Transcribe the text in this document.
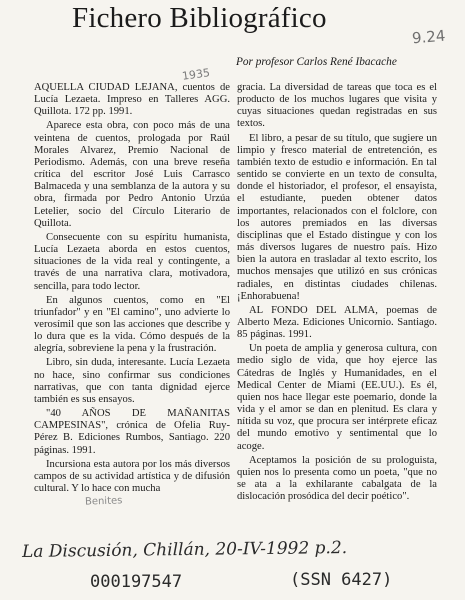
Fichero Bibliográfico
Por profesor Carlos René Ibacache
9.24
1935

AQUELLA CIUDAD LEJANA, cuentos de Lucía Lezaeta. Impreso en Talleres AGG. Quillota. 172 pp. 1991.

Aparece esta obra, con poco más de una veintena de cuentos, prologada por Raúl Morales Alvarez, Premio Nacional de Periodismo. Además, con una breve reseña crítica del escritor José Luis Carrasco Balmaceda y una semblanza de la autora y su obra, firmada por Pedro Antonio Urzúa Letelier, socio del Círculo Literario de Quillota.

Consecuente con su espíritu humanista, Lucía Lezaeta aborda en estos cuentos, situaciones de la vida real y contingente, a través de una narrativa clara, motivadora, sencilla, para todo lector.

En algunos cuentos, como en "El triunfador" y en "El camino", uno advierte lo verosímil que son las acciones que describe y lo dura que es la vida. Cómo después de la alegría, sobreviene la pena y la frustración.

Libro, sin duda, interesante. Lucía Lezaeta no hace, sino confirmar sus condiciones narrativas, que con tanta dignidad ejerce también es sus ensayos.

"40 AÑOS DE MAÑANITAS CAMPESINAS", crónica de Ofelia Ruy-Pérez B. Ediciones Rumbos, Santiago. 220 páginas. 1991.

Incursiona esta autora por los más diversos campos de su actividad artística y de difusión cultural. Y lo hace con mucha

gracia. La diversidad de tareas que toca es el producto de los muchos lugares que visita y cuyas situaciones quedan registradas en sus textos.

El libro, a pesar de su título, que sugiere un limpio y fresco material de entretención, es también texto de estudio e información. En tal sentido se convierte en un texto de consulta, donde el historiador, el profesor, el ensayista, el estudiante, pueden obtener datos importantes, relacionados con el folclore, con los autores premiados en las diversas disciplinas que el Estado distingue y con los más diversos lugares de nuestro país. Hizo bien la autora en trasladar al texto escrito, los muchos mensajes que utilizó en sus crónicas radiales, en distintas ciudades chilenas. ¡Enhorabuena!

AL FONDO DEL ALMA, poemas de Alberto Meza. Ediciones Unicornio. Santiago. 85 páginas. 1991.

Un poeta de amplia y generosa cultura, con medio siglo de vida, que hoy ejerce las Cátedras de Inglés y Humanidades, en el Medical Center de Miami (EE.UU.). Es él, quien nos hace llegar este poemario, donde la vida y el amor se dan en plenitud. Es clara y nítida su voz, que procura ser intérprete eficaz del mundo emotivo y sentimental que lo acoge.

Aceptamos la posición de su prologuista, quien nos lo presenta como un poeta, "que no se ata a la exhilarante cabalgata de la dislocación prosódica del decir poético".

Benites
La Discusión, Chillán, 20-IV-1992 p.2.
000197547	(SSN 6427)
